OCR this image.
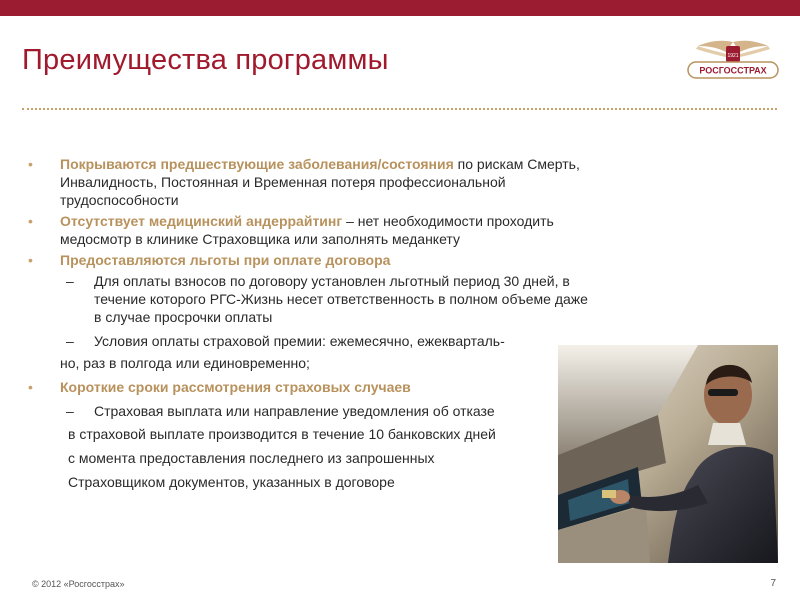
Преимущества программы	1921
РОСГОССТРАХ
• Покрываются предшествующие заболевания/состояния по рискам Смерть,
Инвалидность, Постоянная и Временная потеря профессиональной
трудоспособности
• Отсутствует медицинский андеррайтинг – нет необходимости проходить
медосмотр в клинике Страховщика или заполнять меданкету
• Предоставляются льготы при оплате договора
– Для оплаты взносов по договору установлен льготный период 30 дней, в
течение которого РГС-Жизнь несет ответственность в полном объеме даже
в случае просрочки оплаты
– Условия оплаты страховой премии: ежемесячно, ежекварталь-
но, раз в полгода или единовременно;
• Короткие сроки рассмотрения страховых случаев
– Страховая выплата или направление уведомления об отказе
в страховой выплате производится в течение 10 банковских дней
с момента предоставления последнего из запрошенных
Страховщиком документов, указанных в договоре
© 2012 «Росгосстрах»	7
